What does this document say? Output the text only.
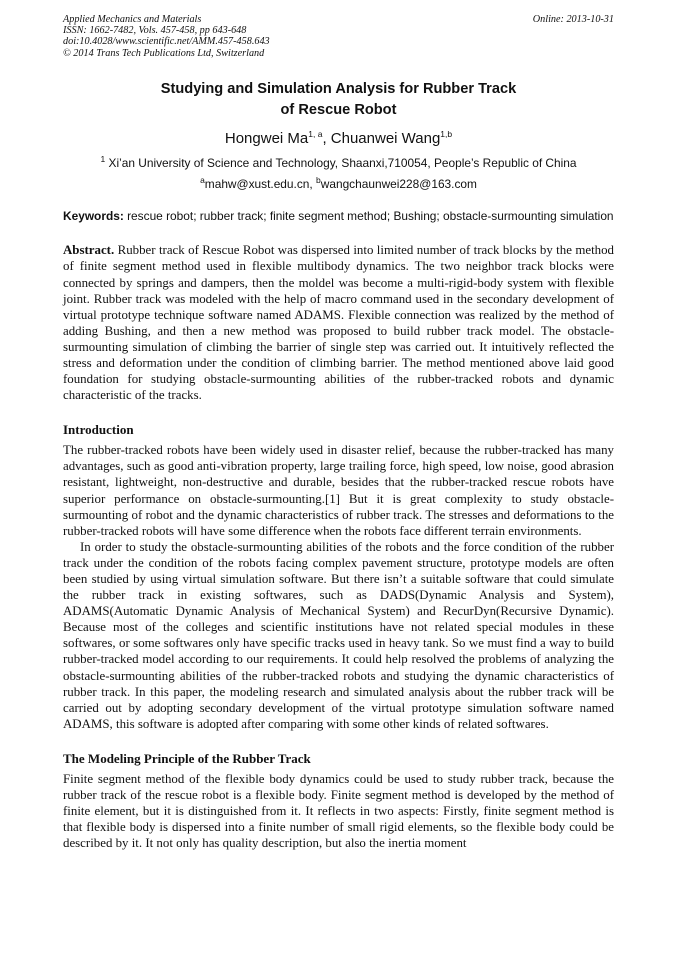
Applied Mechanics and Materials
ISSN: 1662-7482, Vols. 457-458, pp 643-648
doi:10.4028/www.scientific.net/AMM.457-458.643
© 2014 Trans Tech Publications Ltd, Switzerland
Online: 2013-10-31
Studying and Simulation Analysis for Rubber Track
of Rescue Robot
Hongwei Ma$^{1, a}$, Chuanwei Wang$^{1,b}$
$^1$ Xi’an University of Science and Technology, Shaanxi,710054, People’s Republic of China
$^a$mahw@xust.edu.cn, $^b$wangchaunwei228@163.com
Keywords: rescue robot; rubber track; finite segment method; Bushing; obstacle-surmounting simulation
Abstract. Rubber track of Rescue Robot was dispersed into limited number of track blocks by the method of finite segment method used in flexible multibody dynamics. The two neighbor track blocks were connected by springs and dampers, then the moldel was become a multi-rigid-body system with flexible joint. Rubber track was modeled with the help of macro command used in the secondary development of virtual prototype technique software named ADAMS. Flexible connection was realized by the method of adding Bushing, and then a new method was proposed to build rubber track model. The obstacle-surmounting simulation of climbing the barrier of single step was carried out. It intuitively reflected the stress and deformation under the condition of climbing barrier. The method mentioned above laid good foundation for studying obstacle-surmounting abilities of the rubber-tracked robots and dynamic characteristic of the tracks.
Introduction

The rubber-tracked robots have been widely used in disaster relief, because the rubber-tracked has many advantages, such as good anti-vibration property, large trailing force, high speed, low noise, good abrasion resistant, lightweight, non-destructive and durable, besides that the rubber-tracked rescue robots have superior performance on obstacle-surmounting.[1] But it is great complexity to study obstacle-surmounting of robot and the dynamic characteristics of rubber track. The stresses and deformations to the rubber-tracked robots will have some difference when the robots face different terrain environments.

In order to study the obstacle-surmounting abilities of the robots and the force condition of the rubber track under the condition of the robots facing complex pavement structure, prototype models are often been studied by using virtual simulation software. But there isn’t a suitable software that could simulate the rubber track in existing softwares, such as DADS(Dynamic Analysis and System), ADAMS(Automatic Dynamic Analysis of Mechanical System) and RecurDyn(Recursive Dynamic). Because most of the colleges and scientific institutions have not related special modules in these softwares, or some softwares only have specific tracks used in heavy tank. So we must find a way to build rubber-tracked model according to our requirements. It could help resolved the problems of analyzing the obstacle-surmounting abilities of the rubber-tracked robots and studying the dynamic characteristics of rubber track. In this paper, the modeling research and simulated analysis about the rubber track will be carried out by adopting secondary development of the virtual prototype simulation software named ADAMS, this software is adopted after comparing with some other kinds of related softwares.

The Modeling Principle of the Rubber Track

Finite segment method of the flexible body dynamics could be used to study rubber track, because the rubber track of the rescue robot is a flexible body. Finite segment method is developed by the method of finite element, but it is distinguished from it. It reflects in two aspects: Firstly, finite segment method is that flexible body is dispersed into a finite number of small rigid elements, so the flexible body could be described by it. It not only has quality description, but also the inertia moment
